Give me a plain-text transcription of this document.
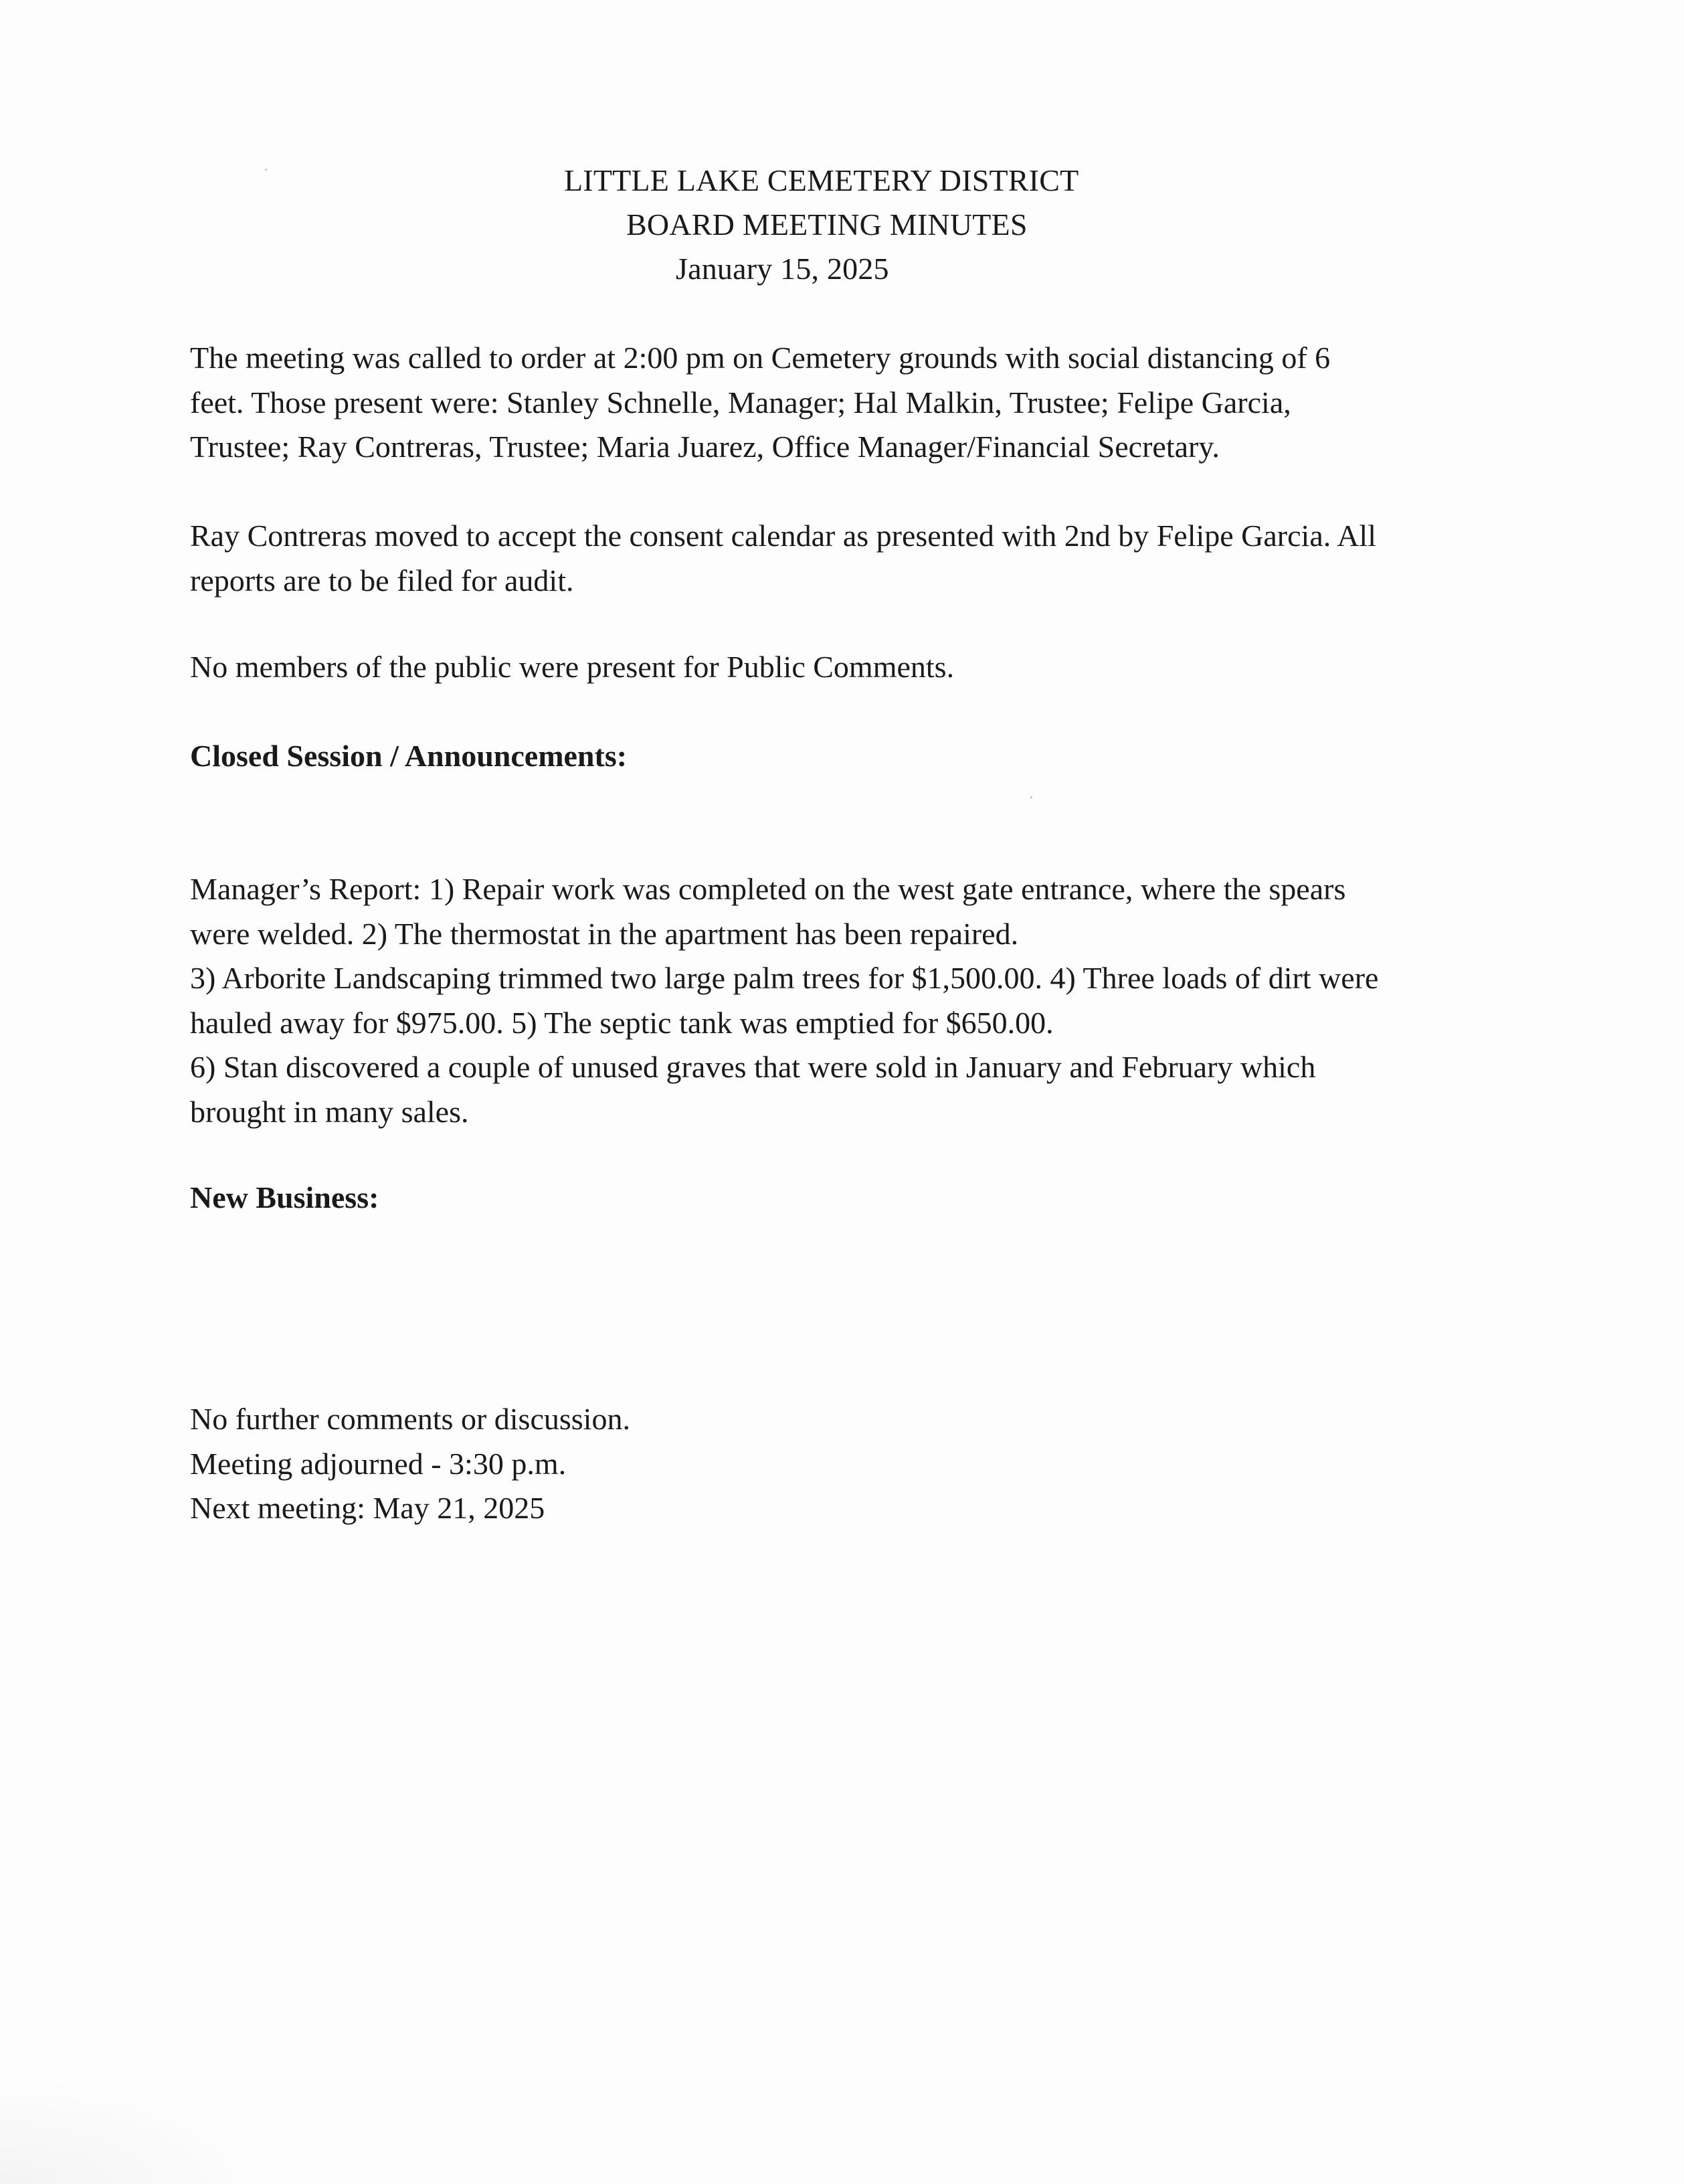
LITTLE LAKE CEMETERY DISTRICT
BOARD MEETING MINUTES
January 15, 2025
The meeting was called to order at 2:00 pm on Cemetery grounds with social distancing of 6
feet. Those present were: Stanley Schnelle, Manager; Hal Malkin, Trustee; Felipe Garcia,
Trustee; Ray Contreras, Trustee; Maria Juarez, Office Manager/Financial Secretary.
Ray Contreras moved to accept the consent calendar as presented with 2nd by Felipe Garcia. All
reports are to be filed for audit.
No members of the public were present for Public Comments.
Closed Session / Announcements:
Manager’s Report: 1) Repair work was completed on the west gate entrance, where the spears
were welded. 2) The thermostat in the apartment has been repaired.
3) Arborite Landscaping trimmed two large palm trees for $1,500.00. 4) Three loads of dirt were
hauled away for $975.00. 5) The septic tank was emptied for $650.00.
6) Stan discovered a couple of unused graves that were sold in January and February which
brought in many sales.
New Business:
No further comments or discussion.
Meeting adjourned - 3:30 p.m.
Next meeting: May 21, 2025
